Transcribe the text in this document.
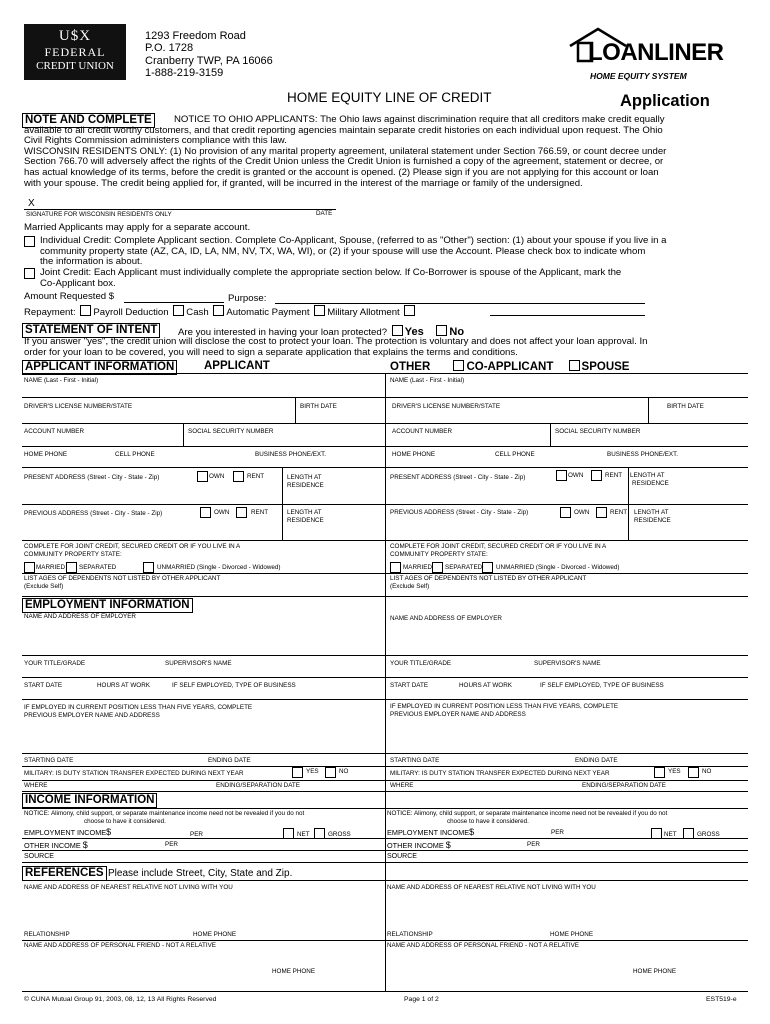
U$X
FEDERAL
CREDIT UNION
1293 Freedom Road
P.O. 1728
Cranberry TWP, PA 16066
1-888-219-3159
LOANLINER
HOME EQUITY SYSTEM
HOME EQUITY LINE OF CREDIT	Application
NOTE AND COMPLETE	NOTICE TO OHIO APPLICANTS: The Ohio laws against discrimination require that all creditors make credit equally
available to all credit worthy customers, and that credit reporting agencies maintain separate credit histories on each individual upon request. The Ohio
Civil Rights Commission administers compliance with this law.
WISCONSIN RESIDENTS ONLY: (1) No provision of any marital property agreement, unilateral statement under Section 766.59, or count decree under
Section 766.70 will adversely affect the rights of the Credit Union unless the Credit Union is furnished a copy of the agreement, statement or decree, or
has actual knowledge of its terms, before the credit is granted or the account is opened. (2) Please sign if you are not applying for this account or loan
with your spouse. The credit being applied for, if granted, will be incurred in the interest of the marriage or family of the undersigned.
X
SIGNATURE FOR WISCONSIN RESIDENTS ONLY	DATE
Married Applicants may apply for a separate account.
Individual Credit: Complete Applicant section. Complete Co-Applicant, Spouse, (referred to as "Other") section: (1) about your spouse if you live in a
community property state (AZ, CA, ID, LA, NM, NV, TX, WA, WI), or (2) if your spouse will use the Account. Please check box to indicate whom
the information is about.
Joint Credit: Each Applicant must individually complete the appropriate section below. If Co-Borrower is spouse of the Applicant, mark the
Co-Applicant box.
Amount Requested $	Purpose:
Repayment: Payroll Deduction Cash Automatic Payment Military Allotment
STATEMENT OF INTENT	Are you interested in having your loan protected? Yes No
If you answer "yes", the credit union will disclose the cost to protect your loan. The protection is voluntary and does not affect your loan approval. In
order for your loan to be covered, you will need to sign a separate application that explains the terms and conditions.
APPLICANT INFORMATION	APPLICANT	OTHER	CO-APPLICANT SPOUSE
NAME (Last - First - Initial)
DRIVER'S LICENSE NUMBER/STATE	BIRTH DATE
ACCOUNT NUMBER	SOCIAL SECURITY NUMBER
HOME PHONE	CELL PHONE	BUSINESS PHONE/EXT.
PRESENT ADDRESS (Street - City - State - Zip)	OWN	RENT	LENGTH AT
RESIDENCE
PREVIOUS ADDRESS (Street - City - State - Zip)	OWN	RENT	LENGTH AT
RESIDENCE
COMPLETE FOR JOINT CREDIT, SECURED CREDIT OR IF YOU LIVE IN A
COMMUNITY PROPERTY STATE:
MARRIED SEPARATED	UNMARRIED (Single - Divorced - Widowed)
LIST AGES OF DEPENDENTS NOT LISTED BY OTHER APPLICANT
(Exclude Self)
NAME (Last - First - Initial)
DRIVER'S LICENSE NUMBER/STATE	BIRTH DATE
ACCOUNT NUMBER	SOCIAL SECURITY NUMBER
HOME PHONE	CELL PHONE	BUSINESS PHONE/EXT.
PRESENT ADDRESS (Street - City - State - Zip)	OWN	RENT LENGTH AT
RESIDENCE
PREVIOUS ADDRESS (Street - City - State - Zip)	OWN	RENT LENGTH AT
RESIDENCE
COMPLETE FOR JOINT CREDIT, SECURED CREDIT OR IF YOU LIVE IN A
COMMUNITY PROPERTY STATE:
MARRIED SEPARATED UNMARRIED (Single - Divorced - Widowed)
LIST AGES OF DEPENDENTS NOT LISTED BY OTHER APPLICANT
(Exclude Self)
EMPLOYMENT INFORMATION
NAME AND ADDRESS OF EMPLOYER	NAME AND ADDRESS OF EMPLOYER
YOUR TITLE/GRADE	SUPERVISOR'S NAME	YOUR TITLE/GRADE	SUPERVISOR'S NAME
START DATE	HOURS AT WORK	IF SELF EMPLOYED, TYPE OF BUSINESS	START DATE	HOURS AT WORK	IF SELF EMPLOYED, TYPE OF BUSINESS
IF EMPLOYED IN CURRENT POSITION LESS THAN FIVE YEARS, COMPLETE
PREVIOUS EMPLOYER NAME AND ADDRESS
IF EMPLOYED IN CURRENT POSITION LESS THAN FIVE YEARS, COMPLETE
PREVIOUS EMPLOYER NAME AND ADDRESS
STARTING DATE	ENDING DATE	STARTING DATE	ENDING DATE
MILITARY: IS DUTY STATION TRANSFER EXPECTED DURING NEXT YEAR	YES	NO	MILITARY: IS DUTY STATION TRANSFER EXPECTED DURING NEXT YEAR	YES	NO
WHERE	ENDING/SEPARATION DATE	WHERE	ENDING/SEPARATION DATE
INCOME INFORMATION
NOTICE: Alimony, child support, or separate maintenance income need not be revealed if you do not
choose to have it considered.
NOTICE: Alimony, child support, or separate maintenance income need not be revealed if you do not
choose to have it considered.
EMPLOYMENT INCOME$	PER	NET	GROSS	EMPLOYMENT INCOME$	PER	NET	GROSS
OTHER INCOME $	PER	OTHER INCOME $	PER
SOURCE	SOURCE
REFERENCES Please include Street, City, State and Zip.
NAME AND ADDRESS OF NEAREST RELATIVE NOT LIVING WITH YOU	NAME AND ADDRESS OF NEAREST RELATIVE NOT LIVING WITH YOU
RELATIONSHIP	HOME PHONE	RELATIONSHIP	HOME PHONE
NAME AND ADDRESS OF PERSONAL FRIEND - NOT A RELATIVE	NAME AND ADDRESS OF PERSONAL FRIEND - NOT A RELATIVE
HOME PHONE	HOME PHONE
© CUNA Mutual Group 91, 2003, 08, 12, 13 All Rights Reserved	Page 1 of 2	EST519-e
